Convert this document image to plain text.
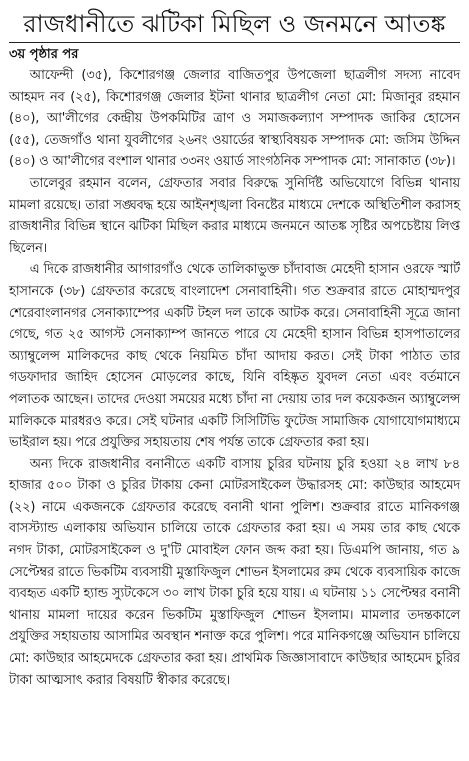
রাজধানীতে ঝটিকা মিছিল ও জনমনে আতঙ্ক
৩য় পৃষ্ঠার পর

আফেন্দী (৩৫), কিশোরগঞ্জ জেলার বাজিতপুর উপজেলা ছাত্রলীগ সদস্য নাবেদ আহমদ নব (২৫), কিশোরগঞ্জ জেলার ইটনা থানার ছাত্রলীগ নেতা মো: মিজানুর রহমান (৪০), আ'লীগের কেন্দ্রীয় উপকমিটির ত্রাণ ও সমাজকল্যাণ সম্পাদক জাকির হোসেন (৫৫), তেজগাঁও থানা যুবলীগের ২৬নং ওয়ার্ডের স্বাস্থ্যবিষয়ক সম্পাদক মো: জসিম উদ্দিন (৪০) ও আ'লীগের বংশাল থানার ৩৩নং ওয়ার্ড সাংগঠনিক সম্পাদক মো: সানাকাত (৩৮)।

তালেবুর রহমান বলেন, গ্রেফতার সবার বিরুদ্ধে সুনির্দিষ্ট অভিযোগে বিভিন্ন থানায় মামলা রয়েছে। তারা সঙ্ঘবদ্ধ হয়ে আইনশৃঙ্খলা বিনষ্টের মাধ্যমে দেশকে অস্থিতিশীল করাসহ রাজধানীর বিভিন্ন স্থানে ঝটিকা মিছিল করার মাধ্যমে জনমনে আতঙ্ক সৃষ্টির অপচেষ্টায় লিপ্ত ছিলেন।

এ দিকে রাজধানীর আগারগাঁও থেকে তালিকাভুক্ত চাঁদাবাজ মেহেদী হাসান ওরফে স্মার্ট হাসানকে (৩৮) গ্রেফতার করেছে বাংলাদেশ সেনাবাহিনী। গত শুক্রবার রাতে মোহাম্মদপুর শেরেবাংলানগর সেনাক্যাম্পের একটি টহল দল তাকে আটক করে। সেনাবাহিনী সূত্রে জানা গেছে, গত ২৫ আগস্ট সেনাক্যাম্প জানতে পারে যে মেহেদী হাসান বিভিন্ন হাসপাতালের অ্যাম্বুলেন্স মালিকদের কাছ থেকে নিয়মিত চাঁদা আদায় করত। সেই টাকা পাঠাত তার গডফাদার জাহিদ হোসেন মোড়লের কাছে, যিনি বহিষ্কৃত যুবদল নেতা এবং বর্তমানে পলাতক আছেন। তাদের দেওয়া সময়ের মধ্যে চাঁদা না দেয়ায় তার দল কয়েকজন অ্যাম্বুলেন্স মালিককে মারধরও করে। সেই ঘটনার একটি সিসিটিভি ফুটেজ সামাজিক যোগাযোগমাধ্যমে ভাইরাল হয়। পরে প্রযুক্তির সহায়তায় শেষ পর্যন্ত তাকে গ্রেফতার করা হয়।

অন্য দিকে রাজধানীর বনানীতে একটি বাসায় চুরির ঘটনায় চুরি হওয়া ২৪ লাখ ৮৪ হাজার ৫০০ টাকা ও চুরির টাকায় কেনা মোটরসাইকেল উদ্ধারসহ মো: কাউছার আহমেদ (২২) নামে একজনকে গ্রেফতার করেছে বনানী থানা পুলিশ। শুক্রবার রাতে মানিকগঞ্জ বাসস্ট্যান্ড এলাকায় অভিযান চালিয়ে তাকে গ্রেফতার করা হয়। এ সময় তার কাছ থেকে নগদ টাকা, মোটরসাইকেল ও দু'টি মোবাইল ফোন জব্দ করা হয়। ডিএমপি জানায়, গত ৯ সেপ্টেম্বর রাতে ভিকটিম ব্যবসায়ী মুস্তাফিজুল শোভন ইসলামের রুম থেকে ব্যবসায়িক কাজে ব্যবহৃত একটি হ্যান্ড স্যুটকেসে ৩০ লাখ টাকা চুরি হয়ে যায়। এ ঘটনায় ১১ সেপ্টেম্বর বনানী থানায় মামলা দায়ের করেন ভিকটিম মুস্তাফিজুল শোভন ইসলাম। মামলার তদন্তকালে প্রযুক্তির সহায়তায় আসামির অবস্থান শনাক্ত করে পুলিশ। পরে মানিকগঞ্জে অভিযান চালিয়ে মো: কাউছার আহমেদকে গ্রেফতার করা হয়। প্রাথমিক জিজ্ঞাসাবাদে কাউছার আহমেদ চুরির টাকা আত্মসাৎ করার বিষয়টি স্বীকার করেছে।
